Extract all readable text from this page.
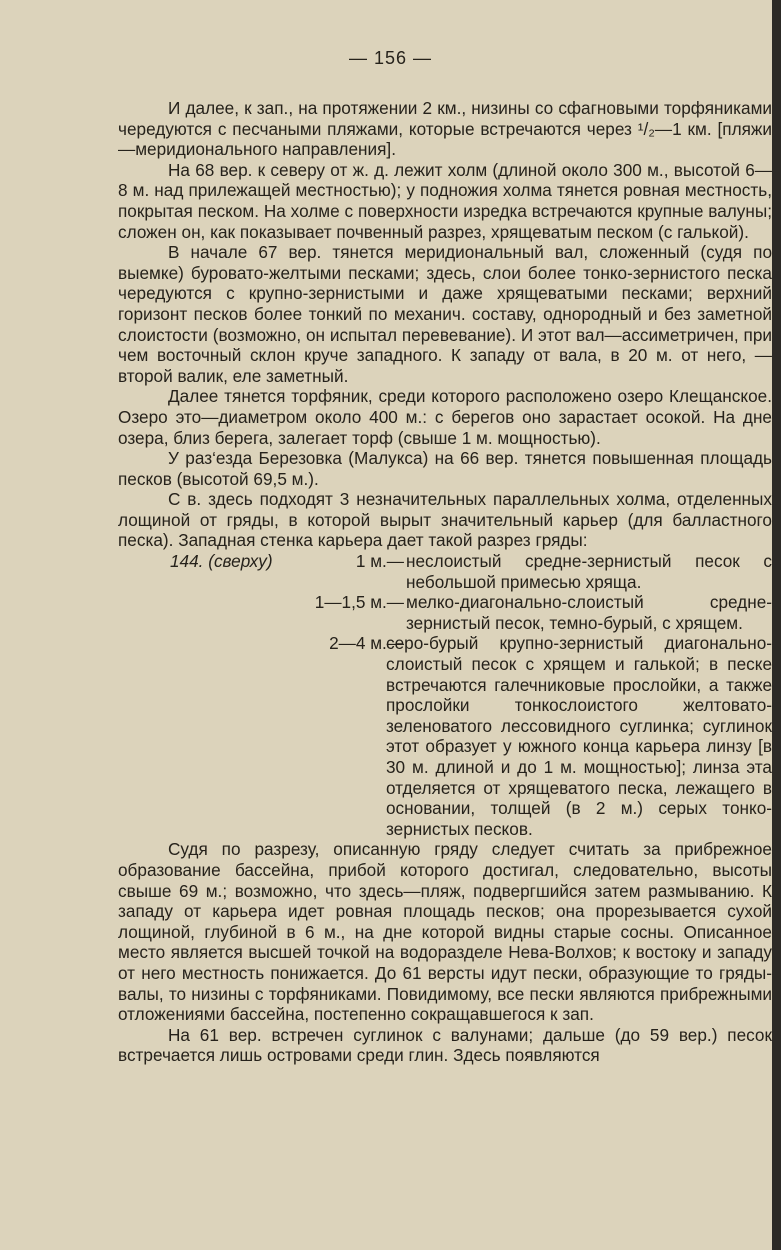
— 156 —

И далее, к зап., на протяжении 2 км., низины со сфагновыми торфяниками чередуются с песчаными пляжами, которые встречаются через ¹/₂—1 км. [пляжи—меридионального направления].

На 68 вер. к северу от ж. д. лежит холм (длиной около 300 м., высотой 6—8 м. над прилежащей местностью); у подножия холма тянется ровная местность, покрытая песком. На холме с поверхности изредка встречаются крупные валуны; сложен он, как показывает почвенный разрез, хрящеватым песком (с галькой).

В начале 67 вер. тянется меридиональный вал, сложенный (судя по выемке) буровато-желтыми песками; здесь, слои более тонко-зернистого песка чередуются с крупно-зернистыми и даже хрящеватыми песками; верхний горизонт песков более тонкий по механич. составу, однородный и без заметной слоистости (возможно, он испытал перевевание). И этот вал—ассиметричен, при чем восточный склон круче западного. К западу от вала, в 20 м. от него, — второй валик, еле заметный.

Далее тянется торфяник, среди которого расположено озеро Клещанское. Озеро это—диаметром около 400 м.: с берегов оно зарастает осокой. На дне озера, близ берега, залегает торф (свыше 1 м. мощностью).

У раз‘езда Березовка (Малукса) на 66 вер. тянется повышенная площадь песков (высотой 69,5 м.).

С в. здесь подходят 3 незначительных параллельных холма, отделенных лощиной от гряды, в которой вырыт значительный карьер (для балластного песка). Западная стенка карьера дает такой разрез гряды:

144. (сверху)	1 м.— неслоистый средне-зернистый песок с небольшой примесью хряща.
1—1,5 м.— мелко-диагонально-слоистый средне-зернистый песок, темно-бурый, с хрящем.
2—4 м.—
серо-бурый крупно-зернистый диагонально-слоистый песок с хрящем и галькой; в песке встречаются галечниковые прослойки, а также прослойки тонкослоистого желтовато-зеленоватого лессовидного суглинка; суглинок этот образует у южного конца карьера линзу [в 30 м. длиной и до 1 м. мощностью]; линза эта отделяется от хрящеватого песка, лежащего в основании, толщей (в 2 м.) серых тонко-зернистых песков.

Судя по разрезу, описанную гряду следует считать за прибрежное образование бассейна, прибой которого достигал, следовательно, высоты свыше 69 м.; возможно, что здесь—пляж, подвергшийся затем размыванию. К западу от карьера идет ровная площадь песков; она прорезывается сухой лощиной, глубиной в 6 м., на дне которой видны старые сосны. Описанное место является высшей точкой на водоразделе Нева-Волхов; к востоку и западу от него местность понижается. До 61 версты идут пески, образующие то гряды-валы, то низины с торфяниками. Повидимому, все пески являются прибрежными отложениями бассейна, постепенно сокращавшегося к зап.

На 61 вер. встречен суглинок с валунами; дальше (до 59 вер.) песок встречается лишь островами среди глин. Здесь появляются
